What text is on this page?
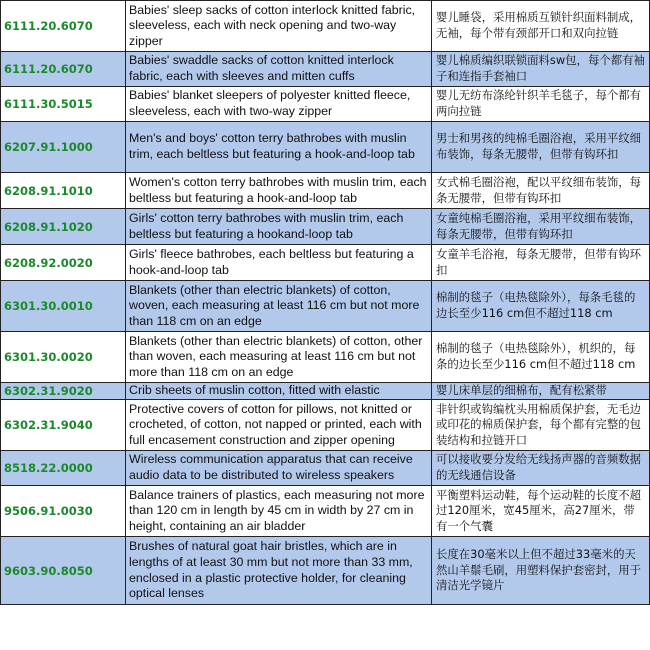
6111.20.6070	Babies' sleep sacks of cotton interlock knitted fabric, sleeveless, each with neck opening and two-way zipper	婴儿睡袋，采用棉质互锁针织面料制成，无袖，每个带有颈部开口和双向拉链
6111.20.6070	Babies' swaddle sacks of cotton knitted interlock fabric, each with sleeves and mitten cuffs	婴儿棉质编织联锁面料sw包，每个都有袖子和连指手套袖口
6111.30.5015	Babies' blanket sleepers of polyester knitted fleece, sleeveless, each with two-way zipper	婴儿无纺布涤纶针织羊毛毯子，每个都有两向拉链
6207.91.1000	Men's and boys' cotton terry bathrobes with muslin trim, each beltless but featuring a hook-and-loop tab	男士和男孩的纯棉毛圈浴袍，采用平纹细布装饰，每条无腰带，但带有钩环扣
6208.91.1010	Women's cotton terry bathrobes with muslin trim, each beltless but featuring a hook-and-loop tab	女式棉毛圈浴袍，配以平纹细布装饰，每条无腰带，但带有钩环扣
6208.91.1020	Girls' cotton terry bathrobes with muslin trim, each beltless but featuring a hookand-loop tab	女童纯棉毛圈浴袍，采用平纹细布装饰，每条无腰带，但带有钩环扣
6208.92.0020	Girls' fleece bathrobes, each beltless but featuring a hook-and-loop tab	女童羊毛浴袍，每条无腰带，但带有钩环扣
6301.30.0010	Blankets (other than electric blankets) of cotton, woven, each measuring at least 116 cm but not more than 118 cm on an edge	棉制的毯子（电热毯除外），每条毛毯的边长至少116 cm但不超过118 cm
6301.30.0020	Blankets (other than electric blankets) of cotton, other than woven, each measuring at least 116 cm but not more than 118 cm on an edge	棉制的毯子（电热毯除外），机织的，每条的边长至少116 cm但不超过118 cm
6302.31.9020	Crib sheets of muslin cotton, fitted with elastic	婴儿床单层的细棉布，配有松紧带
6302.31.9040	Protective covers of cotton for pillows, not knitted or crocheted, of cotton, not napped or printed, each with full encasement construction and zipper opening	非针织或钩编枕头用棉质保护套，无毛边或印花的棉质保护套，每个都有完整的包装结构和拉链开口
8518.22.0000	Wireless communication apparatus that can receive audio data to be distributed to wireless speakers	可以接收要分发给无线扬声器的音频数据的无线通信设备
9506.91.0030	Balance trainers of plastics, each measuring not more than 120 cm in length by 45 cm in width by 27 cm in height, containing an air bladder	平衡塑料运动鞋，每个运动鞋的长度不超过120厘米，宽45厘米，高27厘米，带有一个气囊
9603.90.8050	Brushes of natural goat hair bristles, which are in lengths of at least 30 mm but not more than 33 mm, enclosed in a plastic protective holder, for cleaning optical lenses	长度在30毫米以上但不超过33毫米的天然山羊鬃毛刷，用塑料保护套密封，用于清洁光学镜片
